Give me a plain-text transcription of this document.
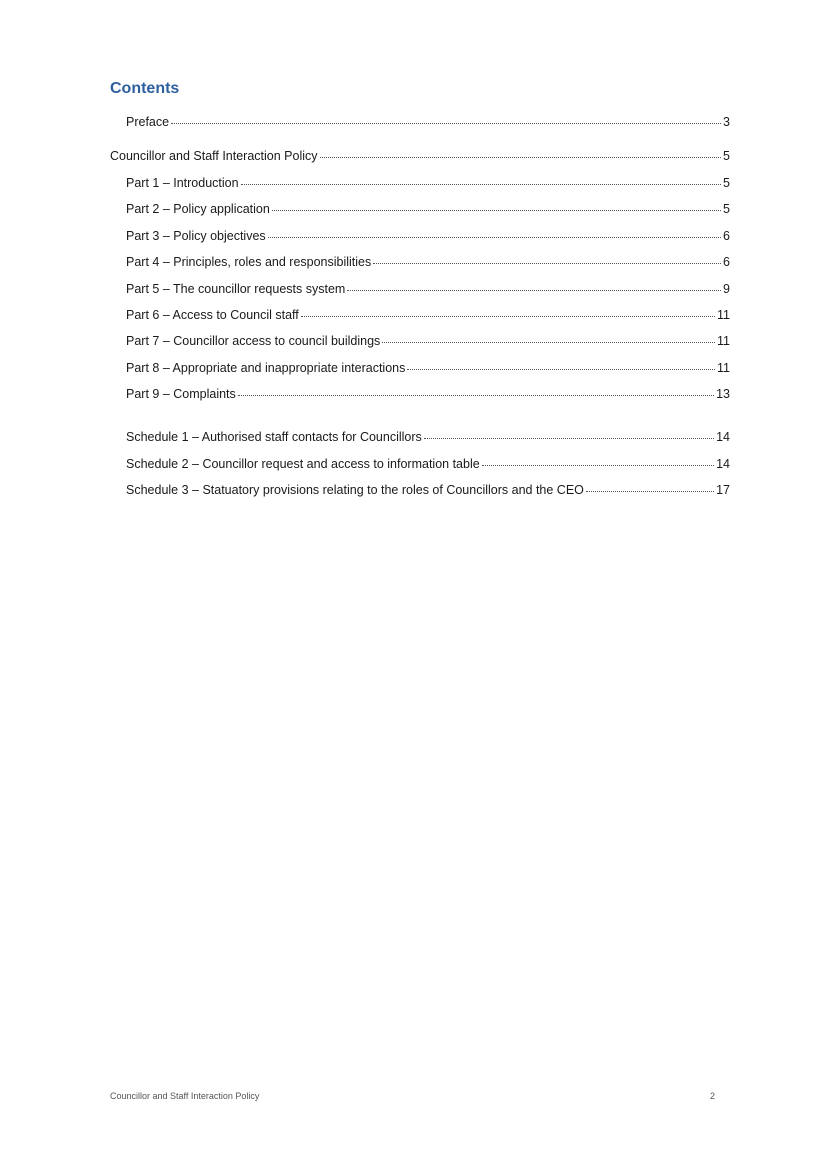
Contents
Preface	3
Councillor and Staff Interaction Policy	5
Part 1 – Introduction	5
Part 2 – Policy application	5
Part 3 – Policy objectives	6
Part 4 – Principles, roles and responsibilities	6
Part 5 – The councillor requests system	9
Part 6 – Access to Council staff	11
Part 7 – Councillor access to council buildings	11
Part 8 – Appropriate and inappropriate interactions	11
Part 9 – Complaints	13
Schedule 1 – Authorised staff contacts for Councillors	14
Schedule 2 – Councillor request and access to information table	14
Schedule 3 – Statuatory provisions relating to the roles of Councillors and the CEO	17
Councillor and Staff Interaction Policy	2
